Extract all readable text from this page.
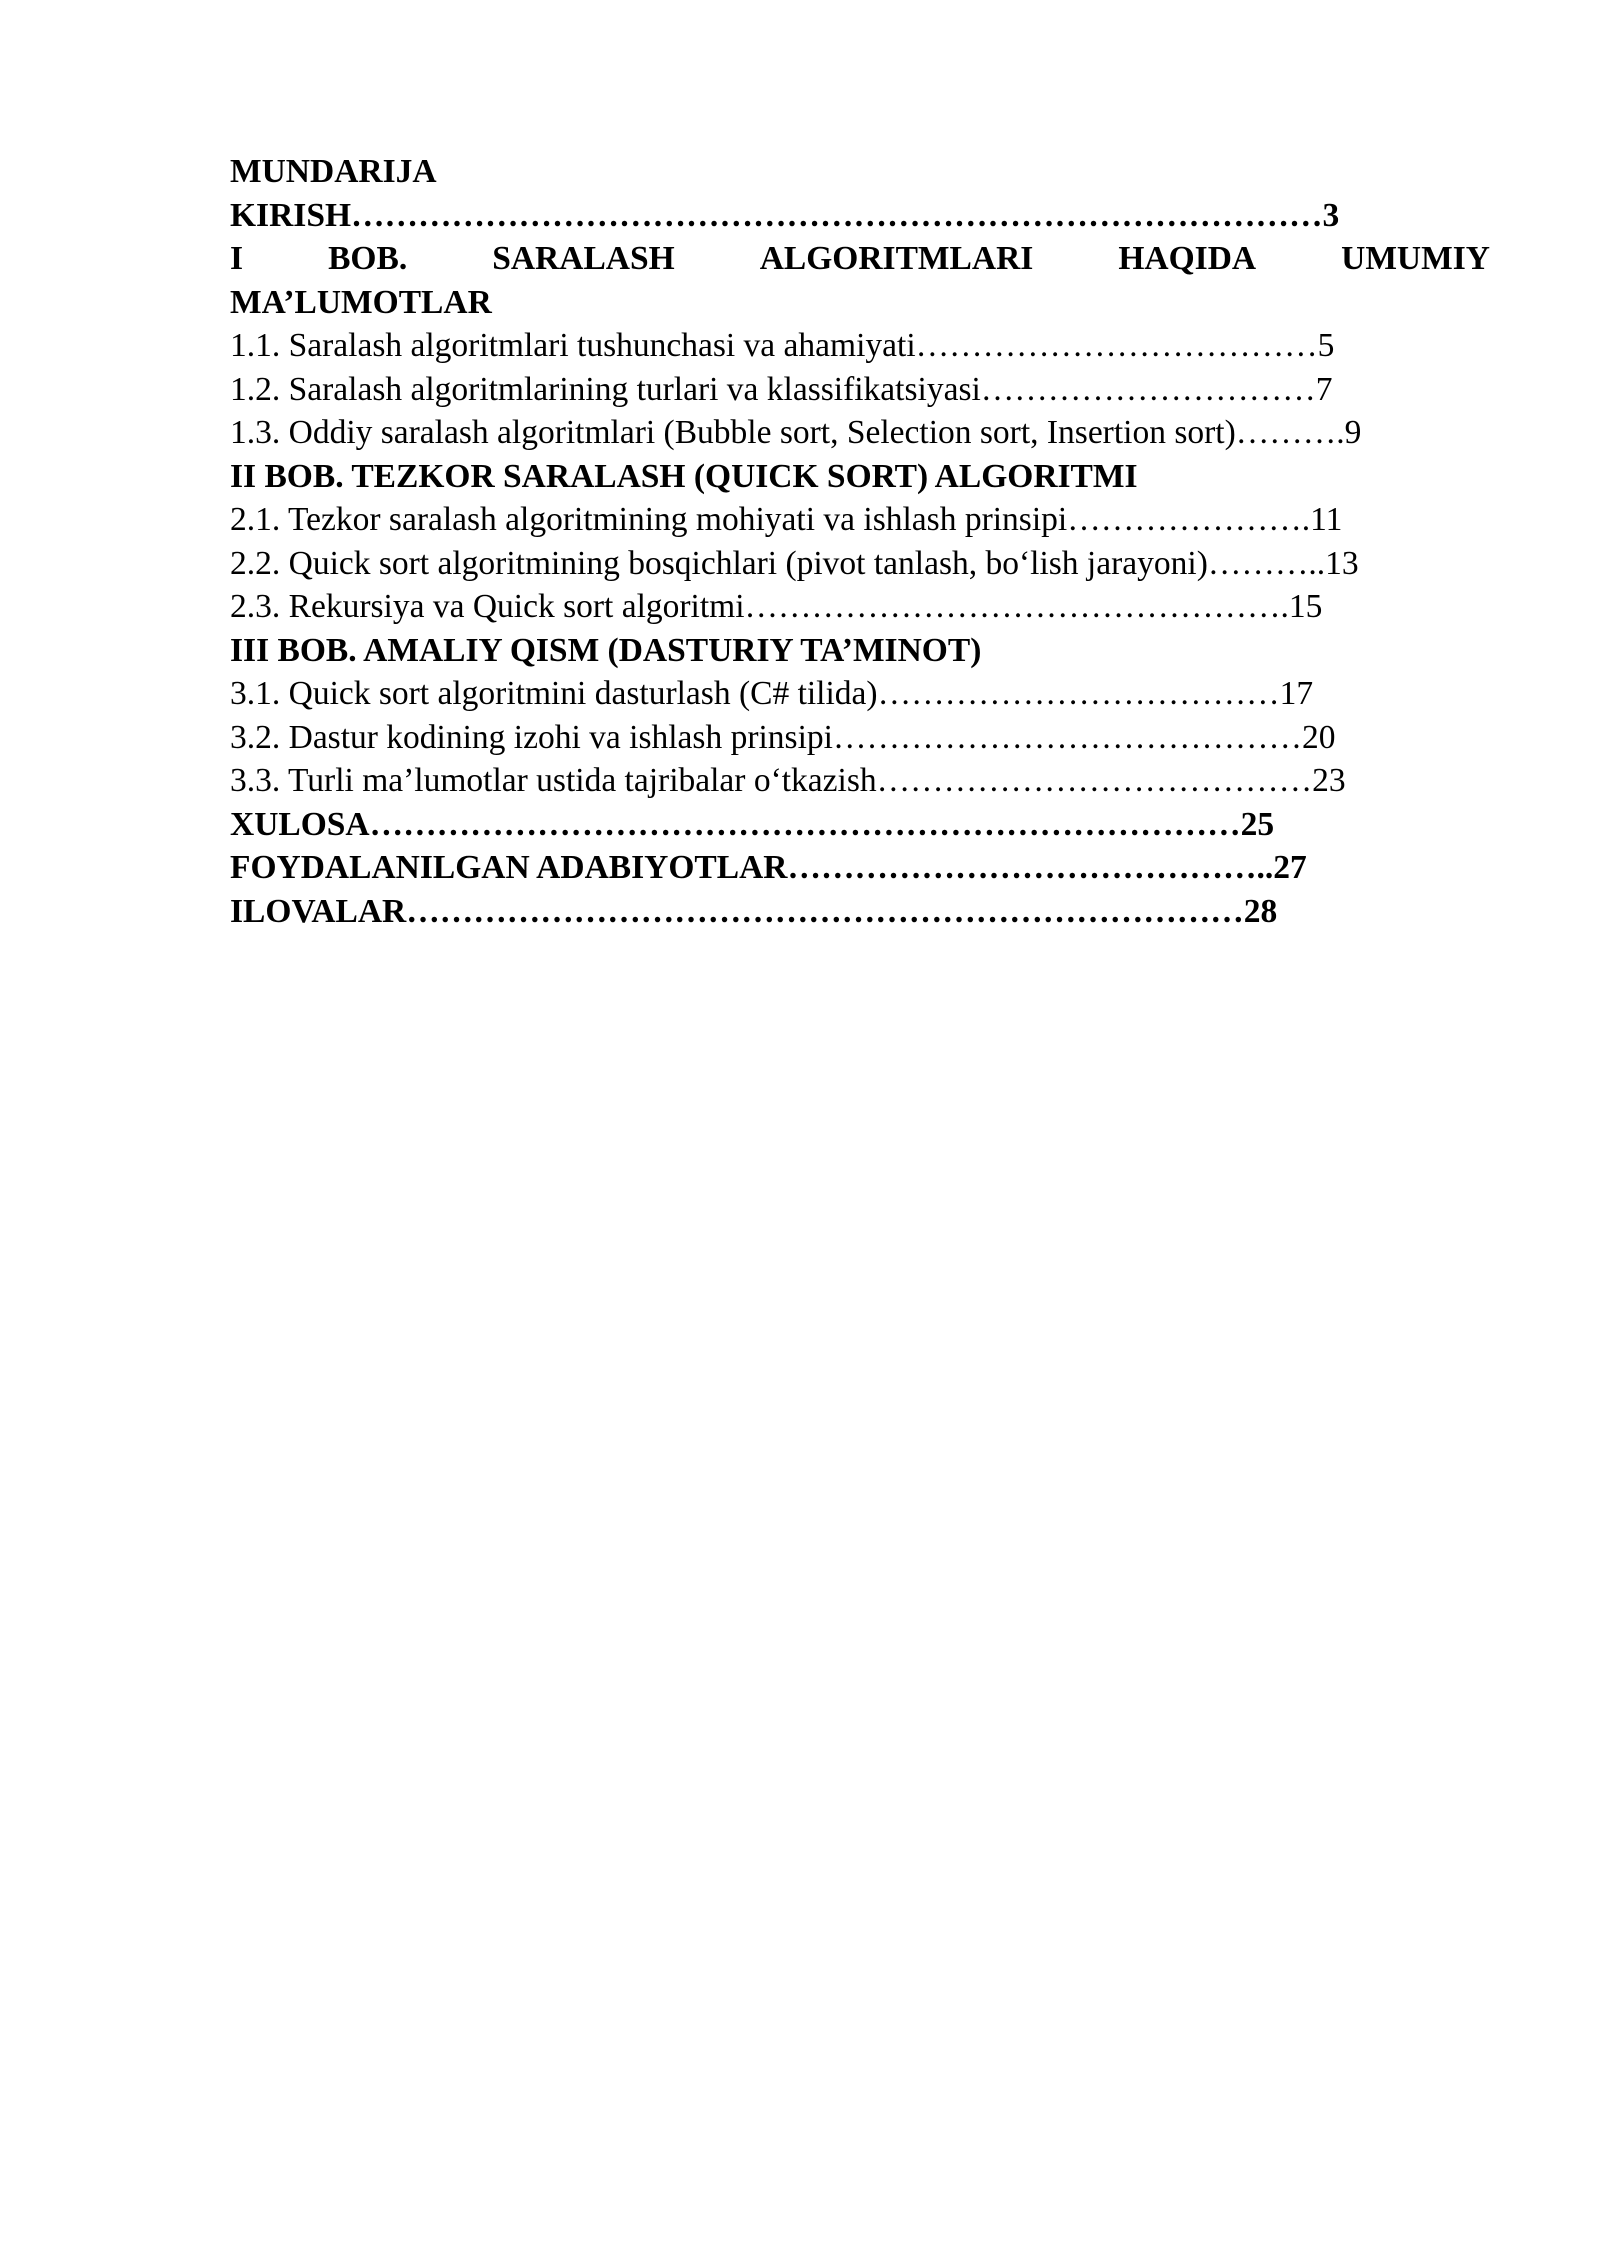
MUNDARIJA
KIRISH……………………………………………………………………………3
I	BOB.	SARALASH	ALGORITMLARI	HAQIDA	UMUMIY
MA’LUMOTLAR
1.1. Saralash algoritmlari tushunchasi va ahamiyati………………………………5
1.2. Saralash algoritmlarining turlari va klassifikatsiyasi…………………………7
1.3. Oddiy saralash algoritmlari (Bubble sort, Selection sort, Insertion sort)……….9
II BOB. TEZKOR SARALASH (QUICK SORT) ALGORITMI
2.1. Tezkor saralash algoritmining mohiyati va ishlash prinsipi………………….11
2.2. Quick sort algoritmining bosqichlari (pivot tanlash, bo‘lish jarayoni)………..13
2.3. Rekursiya va Quick sort algoritmi………………………………………….15
III BOB. AMALIY QISM (DASTURIY TA’MINOT)
3.1. Quick sort algoritmini dasturlash (C# tilida)………………………………17
3.2. Dastur kodining izohi va ishlash prinsipi……………………………………20
3.3. Turli ma’lumotlar ustida tajribalar o‘tkazish…………………………………23
XULOSA……………………………………………………………………25
FOYDALANILGAN ADABIYOTLAR……………………………………..27
ILOVALAR…………………………………………………………………28
